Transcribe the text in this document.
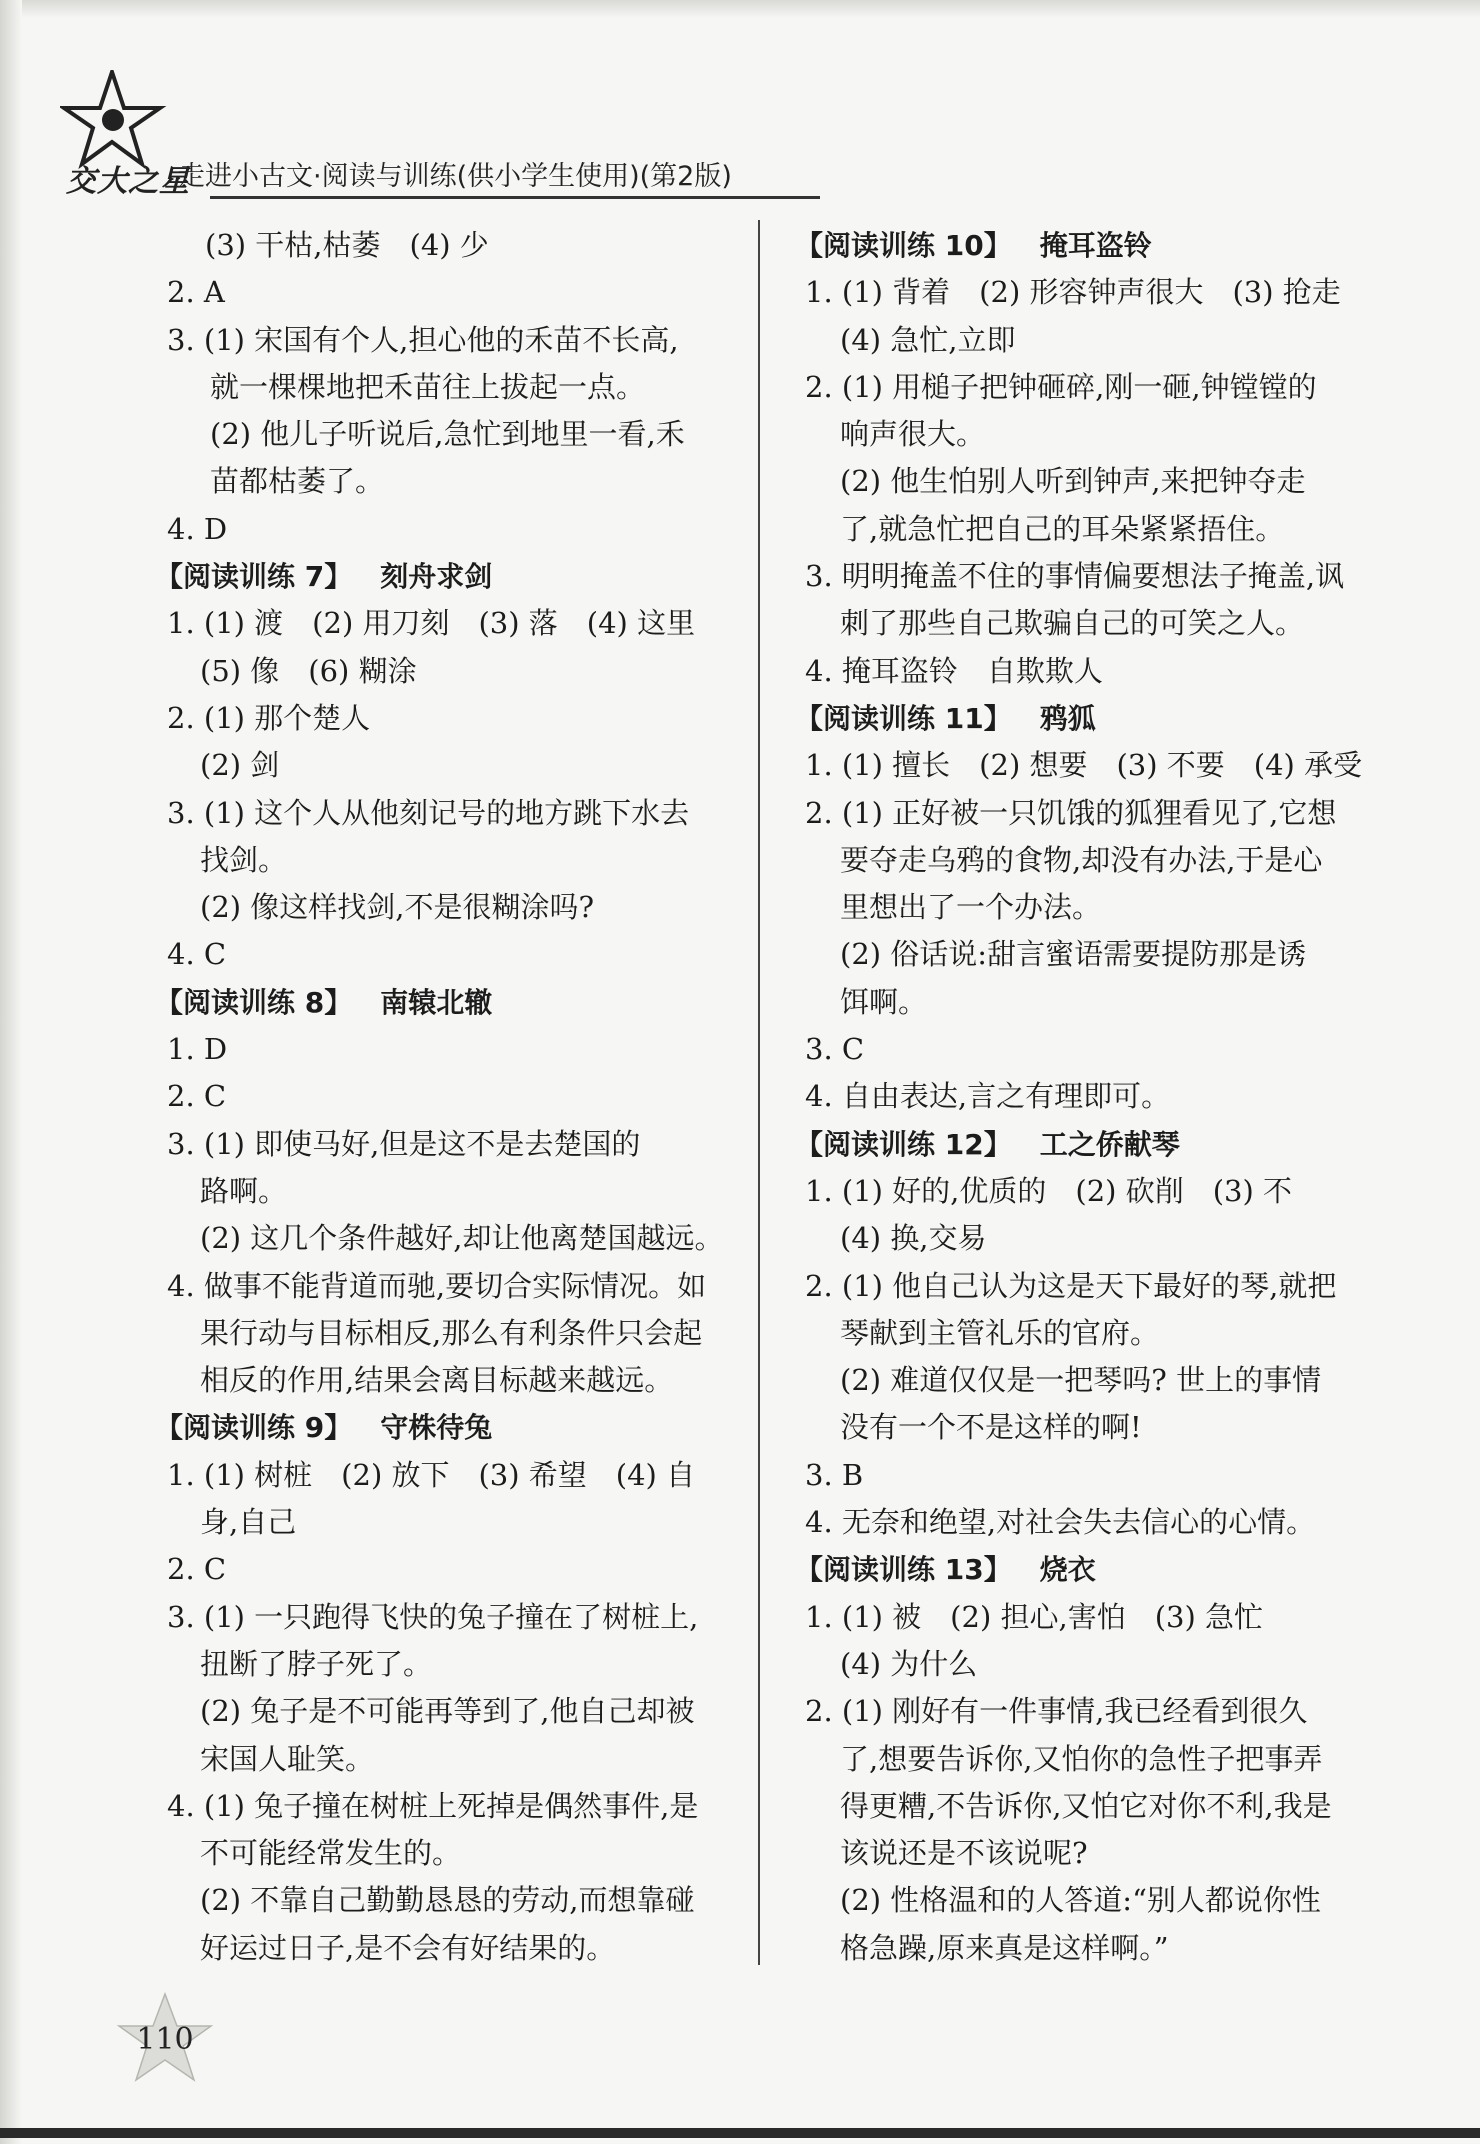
交大之星
走进小古文·阅读与训练(供小学生使用)(第2版)
(3) 干枯,枯萎　(4) 少
2. A
3. (1) 宋国有个人,担心他的禾苗不长高,
就一棵棵地把禾苗往上拔起一点。
(2) 他儿子听说后,急忙到地里一看,禾
苗都枯萎了。
4. D
【阅读训练 7】 刻舟求剑
1. (1) 渡　(2) 用刀刻　(3) 落　(4) 这里
(5) 像　(6) 糊涂
2. (1) 那个楚人
(2) 剑
3. (1) 这个人从他刻记号的地方跳下水去
找剑。
(2) 像这样找剑,不是很糊涂吗?
4. C
【阅读训练 8】 南辕北辙
1. D
2. C
3. (1) 即使马好,但是这不是去楚国的
路啊。
(2) 这几个条件越好,却让他离楚国越远。
4. 做事不能背道而驰,要切合实际情况。如
果行动与目标相反,那么有利条件只会起
相反的作用,结果会离目标越来越远。
【阅读训练 9】 守株待兔
1. (1) 树桩　(2) 放下　(3) 希望　(4) 自
身,自己
2. C
3. (1) 一只跑得飞快的兔子撞在了树桩上,
扭断了脖子死了。
(2) 兔子是不可能再等到了,他自己却被
宋国人耻笑。
4. (1) 兔子撞在树桩上死掉是偶然事件,是
不可能经常发生的。
(2) 不靠自己勤勤恳恳的劳动,而想靠碰
好运过日子,是不会有好结果的。
【阅读训练 10】 掩耳盗铃
1. (1) 背着　(2) 形容钟声很大　(3) 抢走
(4) 急忙,立即
2. (1) 用槌子把钟砸碎,刚一砸,钟镗镗的
响声很大。
(2) 他生怕别人听到钟声,来把钟夺走
了,就急忙把自己的耳朵紧紧捂住。
3. 明明掩盖不住的事情偏要想法子掩盖,讽
刺了那些自己欺骗自己的可笑之人。
4. 掩耳盗铃　自欺欺人
【阅读训练 11】 鸦狐
1. (1) 擅长　(2) 想要　(3) 不要　(4) 承受
2. (1) 正好被一只饥饿的狐狸看见了,它想
要夺走乌鸦的食物,却没有办法,于是心
里想出了一个办法。
(2) 俗话说:甜言蜜语需要提防那是诱
饵啊。
3. C
4. 自由表达,言之有理即可。
【阅读训练 12】 工之侨献琴
1. (1) 好的,优质的　(2) 砍削　(3) 不
(4) 换,交易
2. (1) 他自己认为这是天下最好的琴,就把
琴献到主管礼乐的官府。
(2) 难道仅仅是一把琴吗? 世上的事情
没有一个不是这样的啊!
3. B
4. 无奈和绝望,对社会失去信心的心情。
【阅读训练 13】 烧衣
1. (1) 被　(2) 担心,害怕　(3) 急忙
(4) 为什么
2. (1) 刚好有一件事情,我已经看到很久
了,想要告诉你,又怕你的急性子把事弄
得更糟,不告诉你,又怕它对你不利,我是
该说还是不该说呢?
(2) 性格温和的人答道:“别人都说你性
格急躁,原来真是这样啊。”
110
